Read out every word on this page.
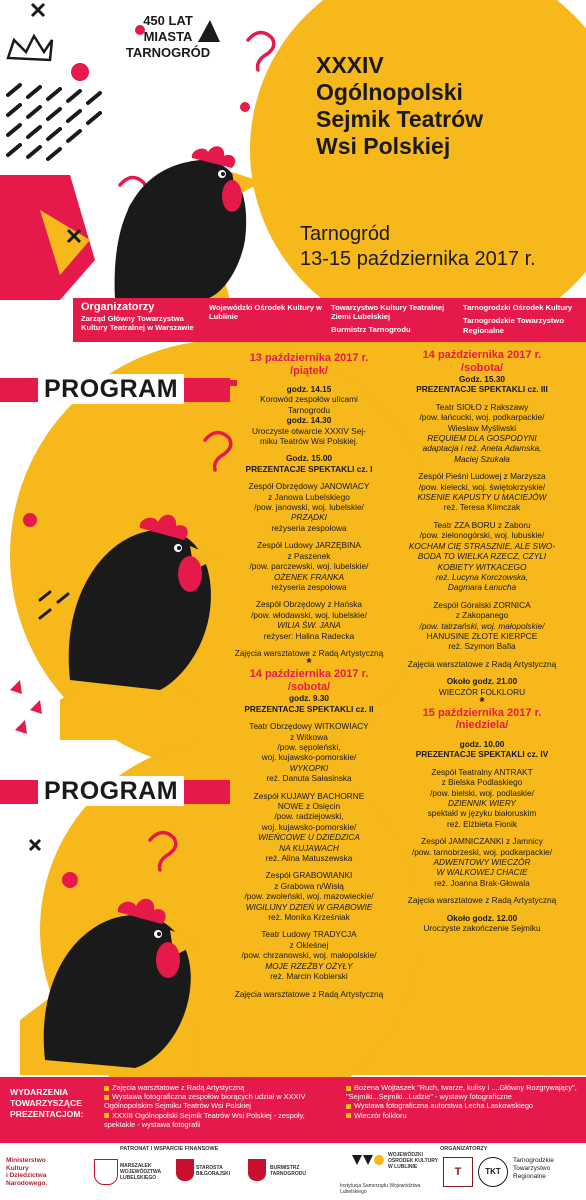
450 LAT
MIASTA
TARNOGRÓD	XXXIV
Ogólnopolski
Sejmik Teatrów
Wsi Polskiej
Tarnogród
13-15 października 2017 r.
Organizatorzy
Zarząd Główny Towarzystwa Kultury Teatralnej w Warszawie
Wojewódzki Ośrodek Kultury w Lublinie
Towarzystwo Kultury Teatralnej Ziemi Lubelskiej
Burmistrz Tarnogrodu
Tarnogrodzki Ośrodek Kultury
Tarnogrodzkie Towarzystwo Regionalne
PROGRAM
PROGRAM
13 października 2017 r.
/piątek/
godz. 14.15
Korowód zespołów ulicami
Tarnogrodu
godz. 14.30
Uroczyste otwarcie XXXIV Sej-
miku Teatrów Wsi Polskiej.
Godz. 15.00
PREZENTACJE SPEKTAKLI cz. I
Zespół Obrzędowy JANOWIACY
z Janowa Lubelskiego
/pow. janowski, woj. lubelskie/
PRZĄDKI
reżyseria zespołowa
Zespół Ludowy JARZĘBINA
z Paszenek
/pow. parczewski, woj. lubelskie/
OŻENEK FRANKA
reżyseria zespołowa
Zespół Obrzędowy z Hańska
/pow. włodawski, woj. lubelskie/
WILIA ŚW. JANA
reżyser: Halina Radecka
Zajęcia warsztatowe z Radą Artystyczną
*
14 października 2017 r.
/sobota/
godz. 9.30
PREZENTACJE SPEKTAKLI cz. II
Teatr Obrzędowy WITKOWIACY
z Witkowa
/pow. sępoleński,
woj. kujawsko-pomorskie/
WYKOPKI
reż. Danuta Sałasinska
Zespół KUJAWY BACHORNE
NOWE z Osięcin
/pow. radziejowski,
woj. kujawsko-pomorskie/
WIEŃCOWE U DZIEDZICA
NA KUJAWACH
reż. Alina Matuszewska
Zespół GRABOWIANKI
z Grabowa n/Wisłą
/pow. zwoleński, woj. mazowieckie/
WIGILIJNY DZIEŃ W GRABOWIE
reż. Monika Krześniak
Teatr Ludowy TRADYCJA
z Okleśnej
/pow. chrzanowski, woj. małopolskie/
MOJE RZEŹBY OŻYŁY
reż. Marcin Kobierski
Zajęcia warsztatowe z Radą Artystyczną
14 października 2017 r.
/sobota/
Godz. 15.30
PREZENTACJE SPEKTAKLI cz. III
Teatr SIOŁO z Rakszawy
/pow. łańcucki, woj. podkarpackie/
Wiesław Myśliwski
REQUIEM DLA GOSPODYNI
adaptacja i reż. Aneta Adamska,
Maciej Szukała
Zespół Pieśni Ludowej z Marzysza
/pow. kielecki, woj. świętokrzyskie/
KISENIE KAPUSTY U MACIEJÓW
reż. Teresa Klimczak
Teatr ZZA BORU z Zaboru
/pow. zielonogórski, woj. lubuskie/
KOCHAM CIĘ STRASZNIE, ALE SWO-
BODA TO WIELKA RZECZ, CZYLI
KOBIETY WITKACEGO
reż. Lucyna Korczowska,
Dagmara Łanucha
Zespół Góralski ZORNICA
z Zakopanego
/pow. tatrzański, woj. małopolskie/
HANUSINE ZŁOTE KIERPCE
reż. Szymon Bafia
Zajęcia warsztatowe z Radą Artystyczną
Około godz. 21.00
WIECZÓR FOLKLORU
*
15 października 2017 r.
/niedziela/
godz. 10.00
PREZENTACJE SPEKTAKLI cz. IV
Zespół Teatralny ANTRAKT
z Bielska Podlaskiego
/pow. bielski, woj. podlaskie/
DZIENNIK WIERY
spektakl w języku białoruskim
reż. Elżbieta Fionik
Zespół JAMNICZANKI z Jamnicy
/pow. tarnobrzeski, woj. podkarpackie/
ADWENTOWY WIECZÓR
W WALKOWEJ CHACIE
reż. Joanna Brak-Głowala
Zajęcia warsztatowe z Radą Artystyczną
Około godz. 12.00
Uroczyste zakończenie Sejmiku
WYDARZENIA
TOWARZYSZĄCE
PREZENTACJOM:
Zajęcia warsztatowe z Radą Artystyczną
Wystawa fotograficzna zespołów biorących udział w XXXIV Ogólnopolskim Sejmiku Teatrów Wsi Polskiej
XXXIII Ogólnopolski Sejmik Teatrów Wsi Polskiej - zespoły, spektakle - wystawa fotografii
Bożena Wojtaszek "Ruch, twarze, kulisy i ....Główny Rozgrywający", "Sejmiki...Sejmiki...Ludzie" - wystawy fotograficzne
Wystawa fotograficzna autorstwa Lecha Laskowskiego
Wieczór folkloru
PATRONAT I WSPARCIE FINANSOWE	ORGANIZATORZY
Ministerstwo
Kultury
i Dziedzictwa
Narodowego.
MARSZAŁEK WOJEWÓDZTWA LUBELSKIEGO
STAROSTA BIŁGORAJSKI
BURMISTRZ TARNOGRODU
WOJEWÓDZKI OŚRODEK KULTURY W LUBLINIE
Instytucja Samorządu Województwa Lubelskiego
T	TKT
Tarnogrodzkie
Towarzystwo
Regionalne
